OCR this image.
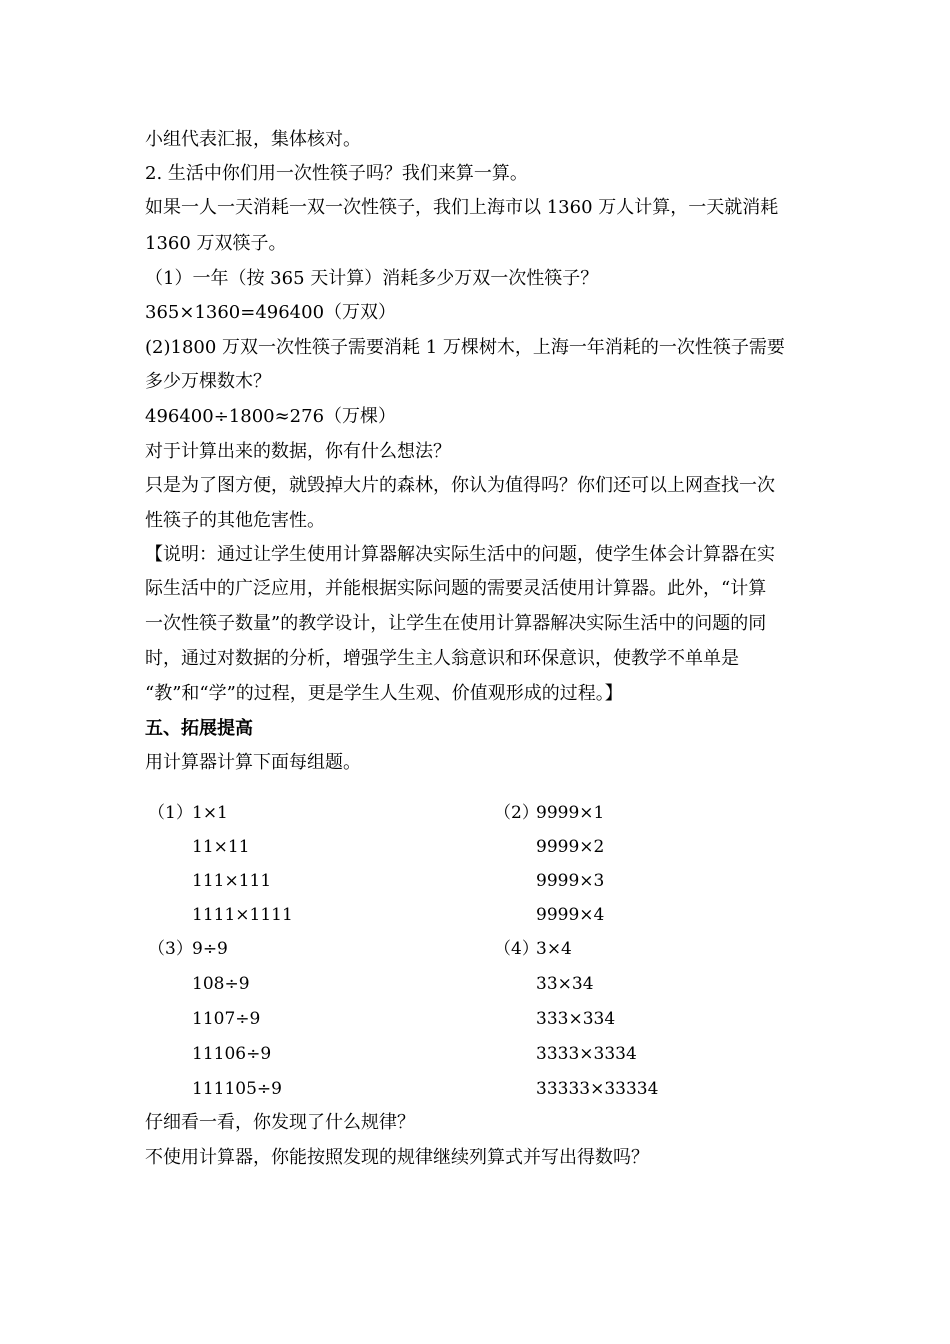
小组代表汇报，集体核对。
2. 生活中你们用一次性筷子吗？我们来算一算。
如果一人一天消耗一双一次性筷子，我们上海市以 1360 万人计算，一天就消耗
1360 万双筷子。
（1）一年（按 365 天计算）消耗多少万双一次性筷子？
365×1360=496400（万双）
(2)1800 万双一次性筷子需要消耗 1 万棵树木，上海一年消耗的一次性筷子需要
多少万棵数木？
496400÷1800≈276（万棵）
对于计算出来的数据，你有什么想法？
只是为了图方便，就毁掉大片的森林，你认为值得吗？你们还可以上网查找一次
性筷子的其他危害性。
【说明：通过让学生使用计算器解决实际生活中的问题，使学生体会计算器在实
际生活中的广泛应用，并能根据实际问题的需要灵活使用计算器。此外，“计算
一次性筷子数量”的教学设计，让学生在使用计算器解决实际生活中的问题的同
时，通过对数据的分析，增强学生主人翁意识和环保意识，使教学不单单是
“教”和“学”的过程，更是学生人生观、价值观形成的过程。】
五、拓展提高
用计算器计算下面每组题。
（1） 1×1
11×11
111×111
1111×1111
（2）
9999×1
9999×2
9999×3
9999×4
（3） 9÷9
108÷9
1107÷9
11106÷9
111105÷9
（4）
3×4
33×34
333×334
3333×3334
33333×33334
仔细看一看，你发现了什么规律？
不使用计算器，你能按照发现的规律继续列算式并写出得数吗？
